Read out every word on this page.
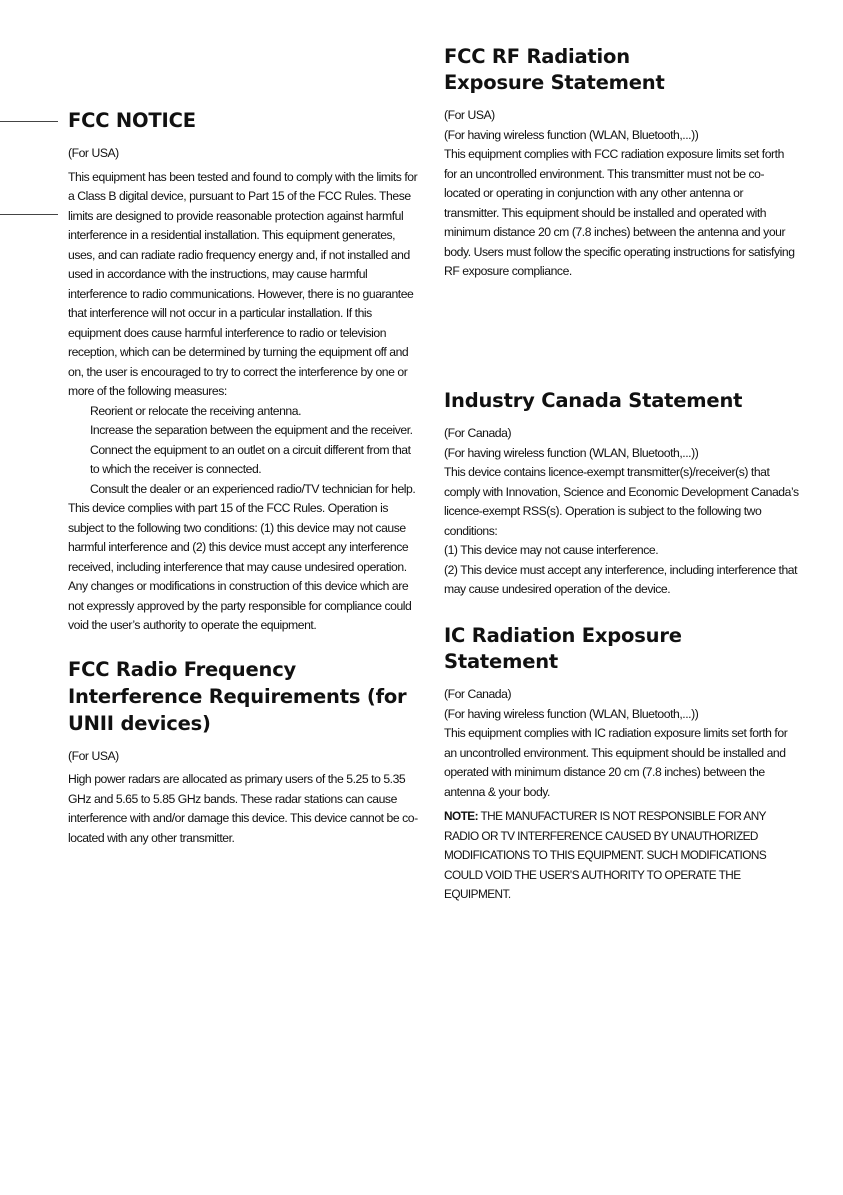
FCC NOTICE

(For USA)

This equipment has been tested and found to comply with the limits for a Class B digital device, pursuant to Part 15 of the FCC Rules. These limits are designed to provide reasonable protection against harmful interference in a residential installation. This equipment generates, uses, and can radiate radio frequency energy and, if not installed and used in accordance with the instructions, may cause harmful interference to radio communications. However, there is no guarantee that interference will not occur in a particular installation. If this equipment does cause harmful interference to radio or television reception, which can be determined by turning the equipment off and on, the user is encouraged to try to correct the interference by one or more of the following measures:

Reorient or relocate the receiving antenna.

Increase the separation between the equipment and the receiver.

Connect the equipment to an outlet on a circuit different from that to which the receiver is connected.

Consult the dealer or an experienced radio/TV technician for help.

This device complies with part 15 of the FCC Rules. Operation is subject to the following two conditions: (1) this device may not cause harmful interference and (2) this device must accept any interference received, including interference that may cause undesired operation. Any changes or modifications in construction of this device which are not expressly approved by the party responsible for compliance could void the user’s authority to operate the equipment.

FCC Radio Frequency Interference Requirements (for UNII devices)

(For USA)

High power radars are allocated as primary users of the 5.25 to 5.35 GHz and 5.65 to 5.85 GHz bands. These radar stations can cause interference with and/or damage this device. This device cannot be co-located with any other transmitter.

FCC RF Radiation Exposure Statement

(For USA)

(For having wireless function (WLAN, Bluetooth,...))

This equipment complies with FCC radiation exposure limits set forth for an uncontrolled environment. This transmitter must not be co-located or operating in conjunction with any other antenna or transmitter. This equipment should be installed and operated with minimum distance 20 cm (7.8 inches) between the antenna and your body. Users must follow the specific operating instructions for satisfying RF exposure compliance.

Industry Canada Statement

(For Canada)

(For having wireless function (WLAN, Bluetooth,...))

This device contains licence-exempt transmitter(s)/receiver(s) that comply with Innovation, Science and Economic Development Canada’s licence-exempt RSS(s). Operation is subject to the following two conditions:

(1) This device may not cause interference.

(2) This device must accept any interference, including interference that may cause undesired operation of the device.

IC Radiation Exposure Statement

(For Canada)

(For having wireless function (WLAN, Bluetooth,...))

This equipment complies with IC radiation exposure limits set forth for an uncontrolled environment. This equipment should be installed and operated with minimum distance 20 cm (7.8 inches) between the antenna & your body.

NOTE: THE MANUFACTURER IS NOT RESPONSIBLE FOR ANY RADIO OR TV INTERFERENCE CAUSED BY UNAUTHORIZED MODIFICATIONS TO THIS EQUIPMENT. SUCH MODIFICATIONS COULD VOID THE USER’S AUTHORITY TO OPERATE THE EQUIPMENT.
